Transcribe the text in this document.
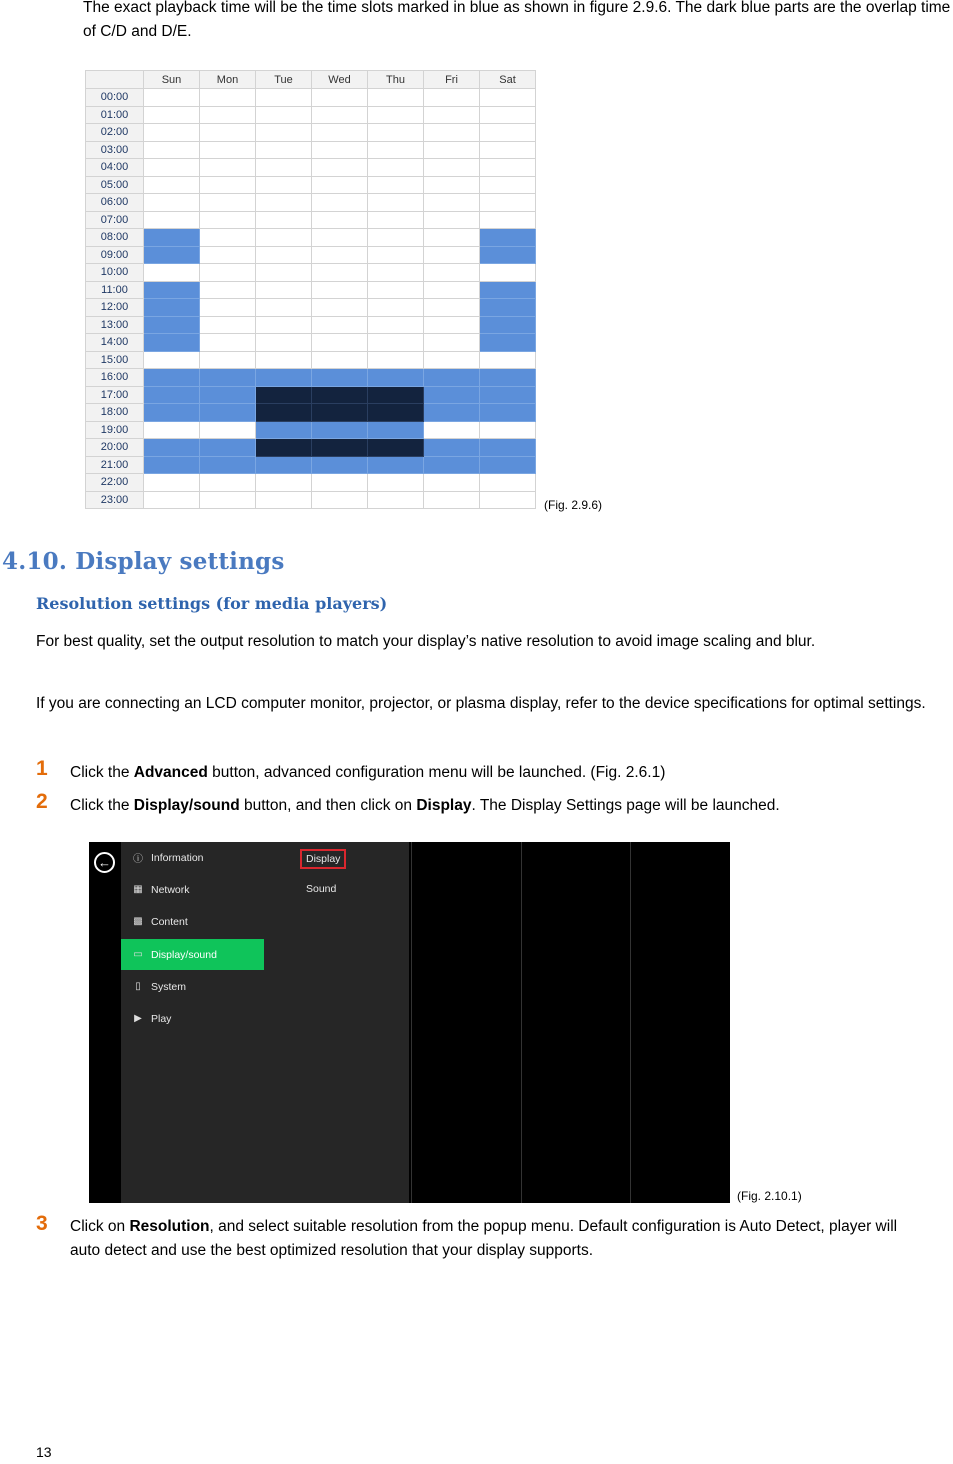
The exact playback time will be the time slots marked in blue as shown in figure 2.9.6. The dark blue parts are the overlap time of C/D and D/E.
	Sun	Mon	Tue	Wed	Thu	Fri	Sat
00:00							
01:00							
02:00							
03:00							
04:00							
05:00							
06:00							
07:00							
08:00							
09:00							
10:00							
11:00							
12:00							
13:00							
14:00							
15:00							
16:00							
17:00							
18:00							
19:00							
20:00							
21:00							
22:00							
23:00								(Fig. 2.9.6)
4.10. Display settings
Resolution settings (for media players)
For best quality, set the output resolution to match your display’s native resolution to avoid image scaling and blur.
If you are connecting an LCD computer monitor, projector, or plasma display, refer to the device specifications for optimal settings.
1 Click the Advanced button, advanced configuration menu will be launched. (Fig. 2.6.1)
2 Click the Display/sound button, and then click on Display. The Display Settings page will be launched.
←	ⓘ Information
▦ Network
▩ Content
▭ Display/sound
▯ System
▶ Play
Display
Sound
(Fig. 2.10.1)
3 Click on Resolution, and select suitable resolution from the popup menu. Default configuration is Auto Detect, player will auto detect and use the best optimized resolution that your display supports.
13
